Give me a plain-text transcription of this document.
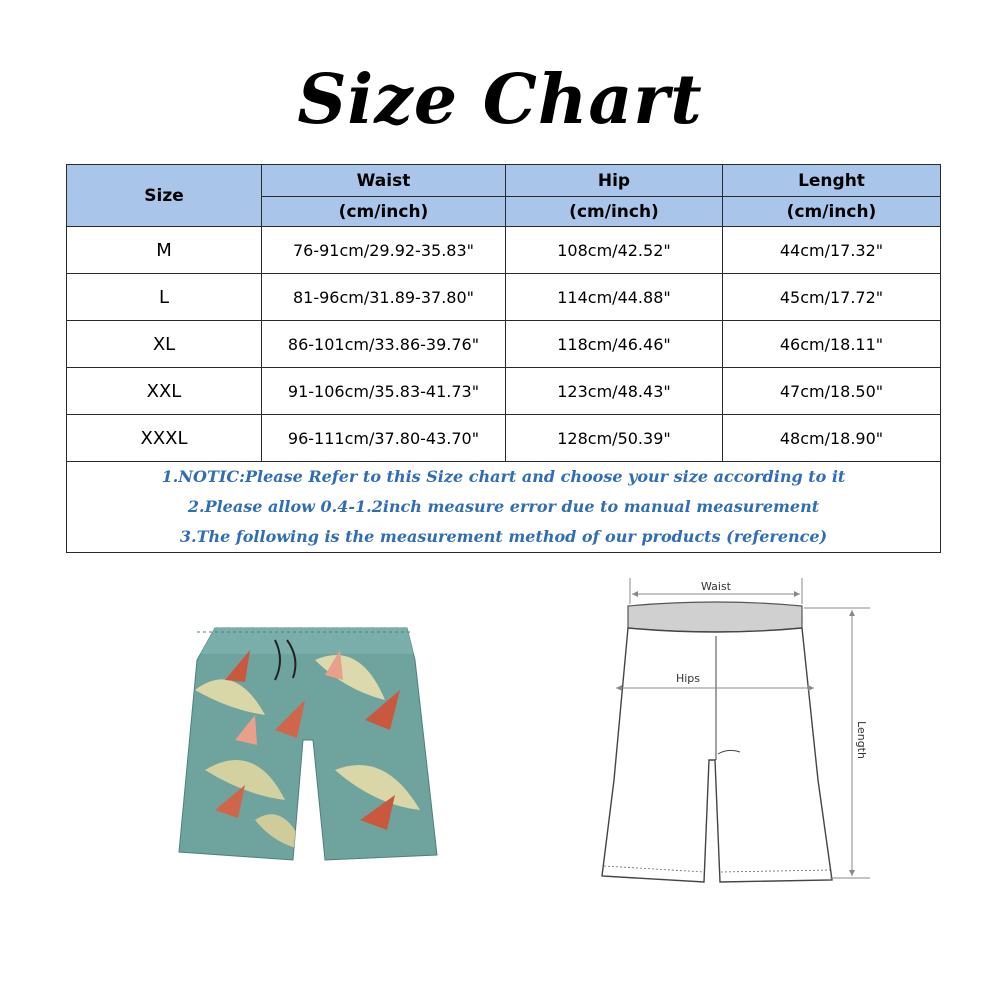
Size Chart
Size	Waist	Hip	Lenght
	(cm/inch)	(cm/inch)	(cm/inch)
M	76-91cm/29.92-35.83"	108cm/42.52"	44cm/17.32"
L	81-96cm/31.89-37.80"	114cm/44.88"	45cm/17.72"
XL	86-101cm/33.86-39.76"	118cm/46.46"	46cm/18.11"
XXL	91-106cm/35.83-41.73"	123cm/48.43"	47cm/18.50"
XXXL	96-111cm/37.80-43.70"	128cm/50.39"	48cm/18.90"

1.NOTIC:Please Refer to this Size chart and choose your size according to it
2.Please allow 0.4-1.2inch measure error due to manual measurement
3.The following is the measurement method of our products (reference)			
Waist
Hips
Length
